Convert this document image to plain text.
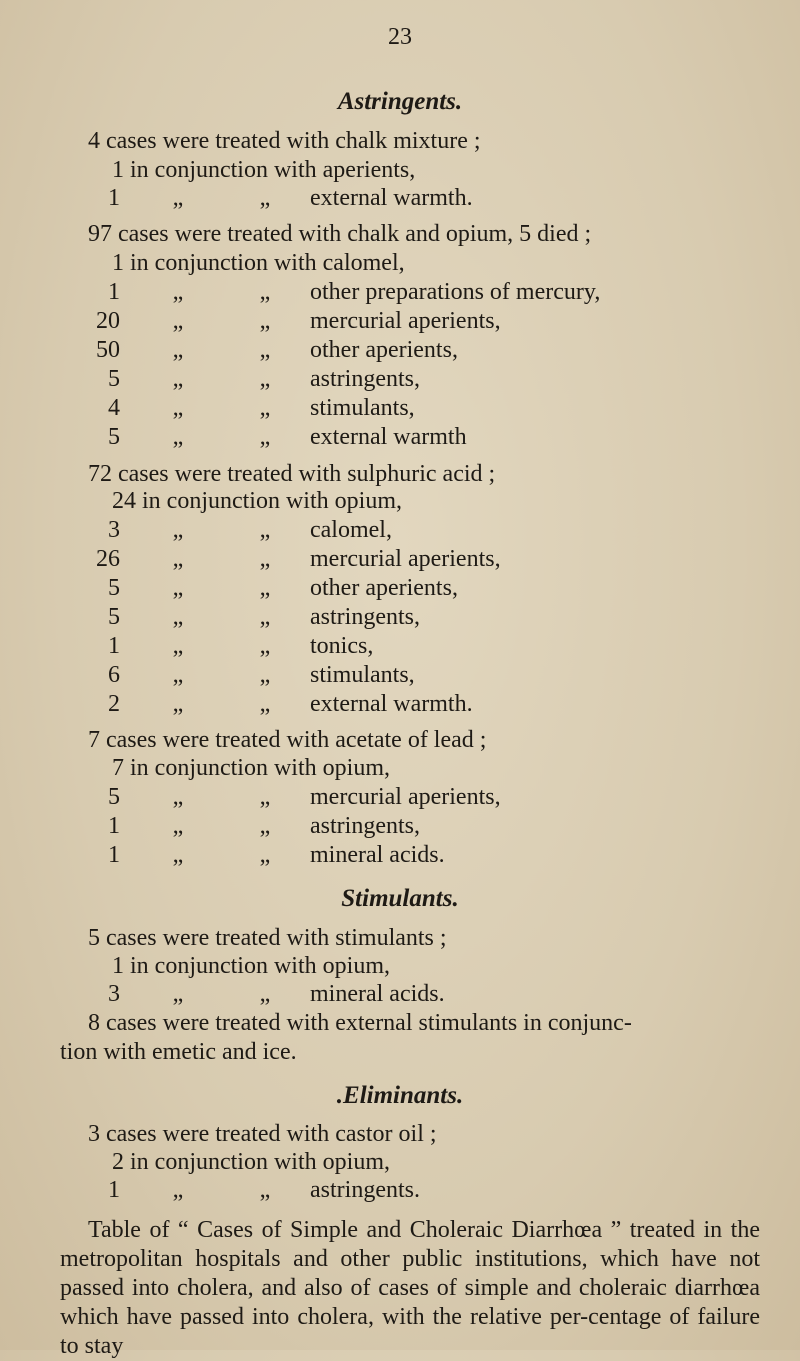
23
Astringents.
4 cases were treated with chalk mixture ;
1 in conjunction with aperients,
1	„	„	external warmth.
97 cases were treated with chalk and opium, 5 died ;
1 in conjunction with calomel,
1	„	„	other preparations of mercury,
20	„	„	mercurial aperients,
50	„	„	other aperients,
5	„	„	astringents,
4	„	„	stimulants,
5	„	„	external warmth
72 cases were treated with sulphuric acid ;
24 in conjunction with opium,
3	„	„	calomel,
26	„	„	mercurial aperients,
5	„	„	other aperients,
5	„	„	astringents,
1	„	„	tonics,
6	„	„	stimulants,
2	„	„	external warmth.
7 cases were treated with acetate of lead ;
7 in conjunction with opium,
5	„	„	mercurial aperients,
1	„	„	astringents,
1	„	„	mineral acids.
Stimulants.
5 cases were treated with stimulants ;
1 in conjunction with opium,
3	„	„	mineral acids.
8 cases were treated with external stimulants in conjunc-
tion with emetic and ice.
.Eliminants.
3 cases were treated with castor oil ;
2 in conjunction with opium,
1	„	„	astringents.
Table of “ Cases of Simple and Choleraic Diarrhœa ” treated in the metropolitan hospitals and other public institutions, which have not passed into cholera, and also of cases of simple and choleraic diarrhœa which have passed into cholera, with the relative per-centage of failure to stay
